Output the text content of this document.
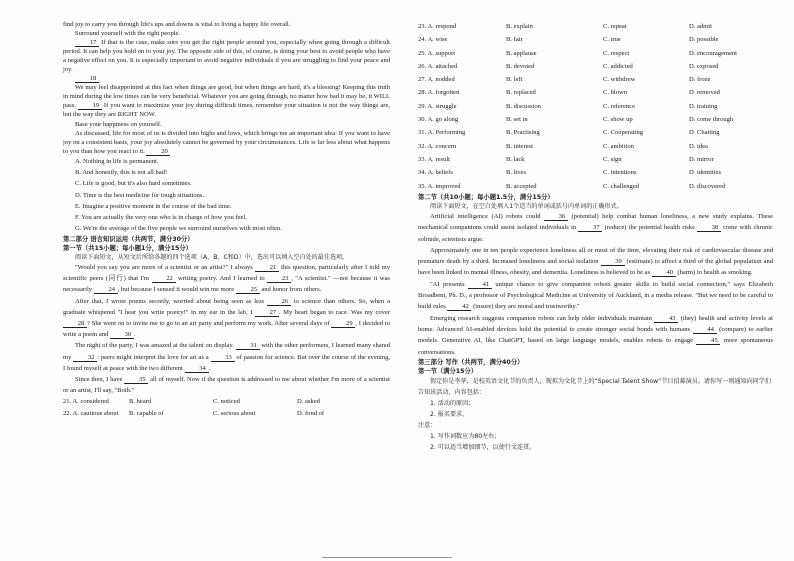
find joy to carry you through life's ups and downs is vital to living a happy life overall.

Surround yourself with the right people.

17 If that is the case, make sure you get the right people around you, especially when going through a difficult period. It can help you hold on to your joy. The opposite side of this, of course, is doing your best to avoid people who have a negative effect on you. It is especially important to avoid negative individuals if you are struggling to find your peace and joy.

18

We may feel disappointed at this fact when things are good, but when things are hard, it's a blessing! Keeping this truth in mind during the low times can be very beneficial. Whatever you are going through, no matter how bad it may be, it WILL pass. 19 If you want to maximize your joy during difficult times, remember your situation is not the way things are, but the way they are RIGHT NOW.

Base your happiness on yourself.

As discussed, life for most of us is divided into highs and lows, which brings me an important idea: If you want to have joy on a consistent basis, your joy absolutely cannot be governed by your circumstances. Life is far less about what happens to you than how you react to it. 20

A. Nothing in life is permanent.
B. And honestly, this is not all bad!
C. Life is good, but it's also hard sometimes.
D. Time is the best medicine for tough situations.
E. Imagine a positive moment in the course of the bad time.
F. You are actually the very one who is in charge of how you feel.
G. We're the average of the five people we surround ourselves with most often.
第二部分 语言知识运用（共两节，满分30分）
第一节（共15小题；每小题1分，满分15分）
阅读下面短文，从短文后所给各题的四个选项（A、B、C和D）中，选出可以填入空白处的最佳选项。

"Would you say you are more of a scientist or an artist?" I always 21 this question, particularly after I told my scientific peers (同行) that I'm 22 writing poetry. And I learned to 23 , "A scientist." —not because it was necessarily 24 , but because I sensed it would win me more 25 and honor from others.
After that, I wrote poems secretly, worried about being seen as less 26 to science than others. So, when a graduate whispered "I hear you write poetry!" in my ear in the lab, I 27 . My heart began to race. Was my cover 28 ? She went on to invite me to go to an art party and perform my work. After several days of 29 , I decided to write a poem and 30 .
The night of the party, I was amazed at the talent on display. 31 with the other performers, I learned many shared my 32 : peers might interpret the love for art as a 33 of passion for science. But over the course of the evening, I found myself at peace with the two different 34 .
Since then, I have 35 all of myself. Now if the question is addressed to me about whether I'm more of a scientist or an artist, I'll say, "Both."

21. A. considered	B. heard	C. noticed	D. asked
22. A. cautious about	B. capable of	C. serious about	D. fond of
23. A. respond	B. explain	C. repeat	D. admit
24. A. wise	B. fair	C. true	D. possible
25. A. support	B. applause	C. respect	D. encouragement
26. A. attached	B. devoted	C. addicted	D. exposed
27. A. nodded	B. left	C. withdrew	D. froze
28. A. forgotten	B. replaced	C. blown	D. removed
29. A. struggle	B. discussion	C. reference	D. training
30. A. go along	B. set in	C. show up	D. come through
31. A. Performing	B. Practising	C. Cooperating	D. Chatting
32. A. concern	B. interest	C. ambition	D. idea
33. A. result	B. lack	C. sign	D. mirror
34. A. beliefs	B. lives	C. intentions	D. identities
35. A. improved	B. accepted	C. challenged	D. discovered
第二节（共10小题；每小题1.5分，满分15分）
阅读下面短文，在空白处填入1个适当的单词或括号内单词的正确形式。

Artificial intelligence (AI) robots could 36 (potential) help combat human loneliness, a new study explains. These mechanical companions could assist isolated individuals in 37 (reduce) the potential health risks 38 come with chronic solitude, scientists argue.
Approximately one in ten people experience loneliness all or most of the time, elevating their risk of cardiovascular disease and premature death by a third. Increased loneliness and social isolation 39 (estimate) to affect a third of the global population and have been linked to mental illness, obesity, and dementia. Loneliness is believed to be as 40 (harm) to health as smoking.
"AI presents 41 unique chance to give companion robots greater skills to build social connection," says Elizabeth Broadbent, Ph. D., a professor of Psychological Medicine at University of Auckland, in a media release. "But we need to be careful to build rules 42 (insure) they are moral and trustworthy."
Emerging research suggests companion robots can help older individuals maintain 43 (they) health and activity levels at home. Advanced AI-enabled devices hold the potential to create stronger social bonds with humans 44 (compare) to earlier models. Generative AI, like ChatGPT, based on large language models, enables robots to engage 45 more spontaneous conversations.

第三部分 写作（共两节，满分40分）
第一节（满分15分）
假定你是李华，是校英语文化节的负责人，现拟为文化节上的“Special Talent Show”节目招募演员。请你写一则通知向同学们告知该活动，内容包括：
1. 活动的原因；
2. 报名要求。
注意：
1. 写作词数应为80左右；
2. 可以适当增加细节，以使行文连贯。
